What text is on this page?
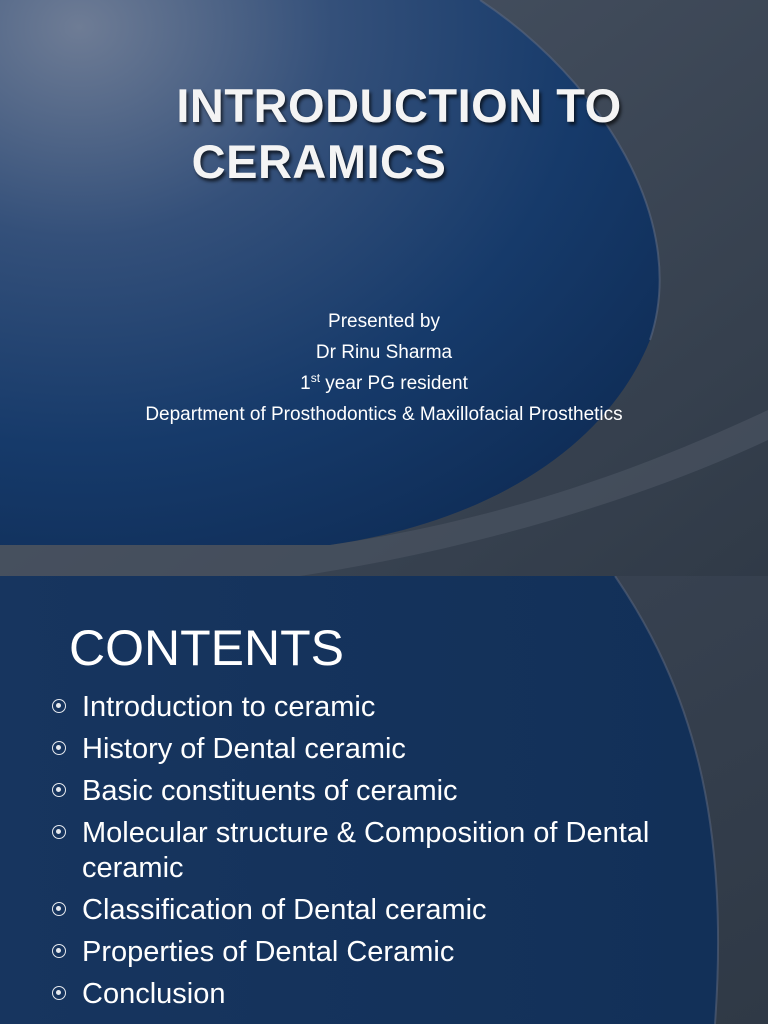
INTRODUCTION TO
CERAMICS
Presented by
Dr Rinu Sharma
1st year PG resident
Department of Prosthodontics & Maxillofacial Prosthetics
CONTENTS
Introduction to ceramic
History of Dental ceramic
Basic constituents of ceramic
Molecular structure & Composition of Dental ceramic
Classification of Dental ceramic
Properties of Dental Ceramic
Conclusion
